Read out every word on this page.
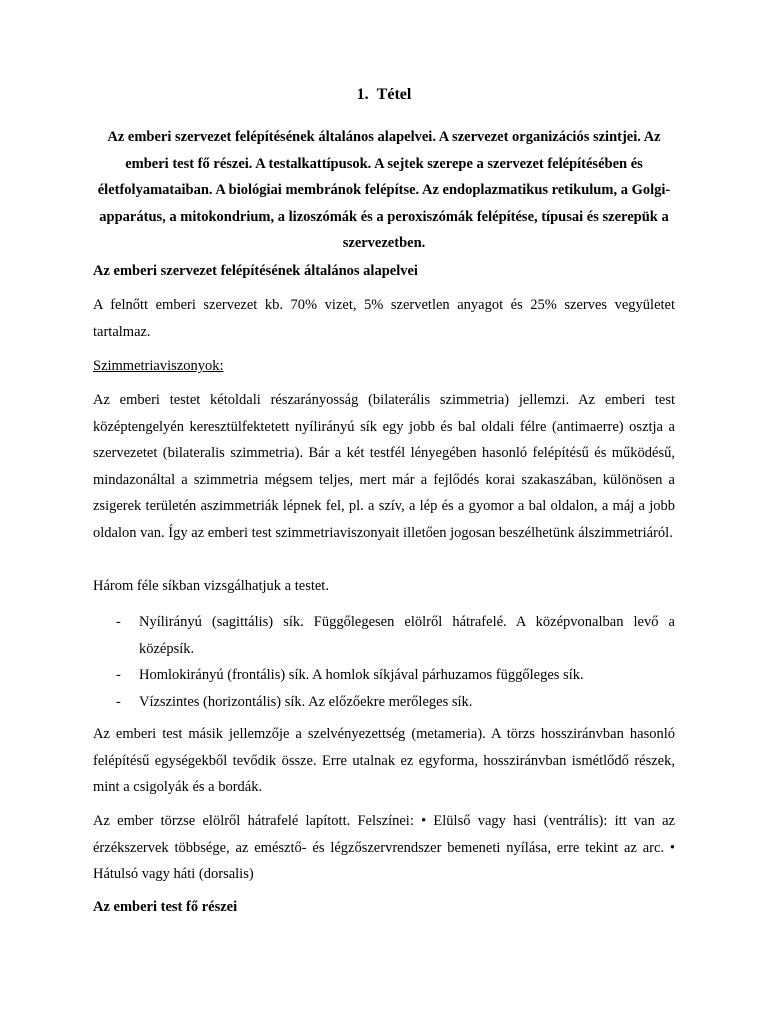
1. Tétel
Az emberi szervezet felépítésének általános alapelvei. A szervezet organizációs szintjei. Az emberi test fő részei. A testalkattípusok. A sejtek szerepe a szervezet felépítésében és életfolyamataiban. A biológiai membránok felépítse. Az endoplazmatikus retikulum, a Golgi-apparátus, a mitokondrium, a lizoszómák és a peroxiszómák felépítése, típusai és szerepük a szervezetben.
Az emberi szervezet felépítésének általános alapelvei
A felnőtt emberi szervezet kb. 70% vizet, 5% szervetlen anyagot és 25% szerves vegyületet tartalmaz.
Szimmetriaviszonyok:
Az emberi testet kétoldali részarányosság (bilaterális szimmetria) jellemzi. Az emberi test középtengelyén keresztülfektetett nyílirányú sík egy jobb és bal oldali félre (antimaerre) osztja a szervezetet (bilateralis szimmetria). Bár a két testfél lényegében hasonló felépítésű és működésű, mindazonáltal a szimmetria mégsem teljes, mert már a fejlődés korai szakaszában, különösen a zsigerek területén aszimmetriák lépnek fel, pl. a szív, a lép és a gyomor a bal oldalon, a máj a jobb oldalon van. Így az emberi test szimmetriaviszonyait illetően jogosan beszélhetünk álszimmetriáról.
Három féle síkban vizsgálhatjuk a testet.
- Nyílirányú (sagittális) sík. Függőlegesen elölről hátrafelé. A középvonalban levő a középsík.
- Homlokirányú (frontális) sík. A homlok síkjával párhuzamos függőleges sík.
- Vízszintes (horizontális) sík. Az előzőekre merőleges sík.
Az emberi test másik jellemzője a szelvényezettség (metameria). A törzs hossziránvban hasonló felépítésű egységekből tevődik össze. Erre utalnak ez egyforma, hossziránvban ismétlődő részek, mint a csigolyák és a bordák.
Az ember törzse elölről hátrafelé lapított. Felszínei: • Elülső vagy hasi (ventrális): itt van az érzékszervek többsége, az emésztő- és légzőszervrendszer bemeneti nyílása, erre tekint az arc. • Hátulsó vagy háti (dorsalis)
Az emberi test fő részei
